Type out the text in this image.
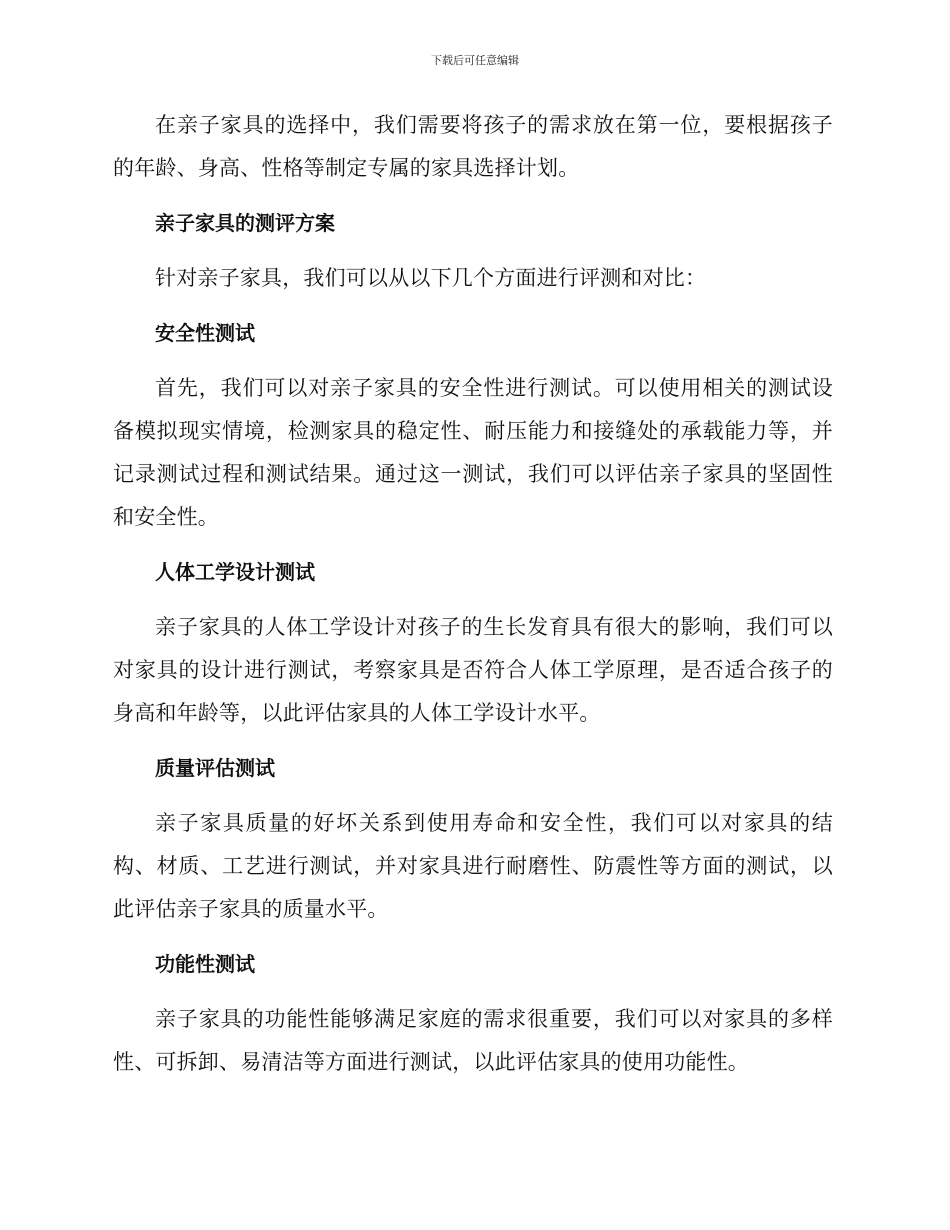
下载后可任意编辑

在亲子家具的选择中，我们需要将孩子的需求放在第一位，要根据孩子的年龄、身高、性格等制定专属的家具选择计划。

亲子家具的测评方案

针对亲子家具，我们可以从以下几个方面进行评测和对比：

安全性测试

首先，我们可以对亲子家具的安全性进行测试。可以使用相关的测试设备模拟现实情境，检测家具的稳定性、耐压能力和接缝处的承载能力等，并记录测试过程和测试结果。通过这一测试，我们可以评估亲子家具的坚固性和安全性。

人体工学设计测试

亲子家具的人体工学设计对孩子的生长发育具有很大的影响，我们可以对家具的设计进行测试，考察家具是否符合人体工学原理，是否适合孩子的身高和年龄等，以此评估家具的人体工学设计水平。

质量评估测试

亲子家具质量的好坏关系到使用寿命和安全性，我们可以对家具的结构、材质、工艺进行测试，并对家具进行耐磨性、防震性等方面的测试，以此评估亲子家具的质量水平。

功能性测试

亲子家具的功能性能够满足家庭的需求很重要，我们可以对家具的多样性、可拆卸、易清洁等方面进行测试，以此评估家具的使用功能性。
